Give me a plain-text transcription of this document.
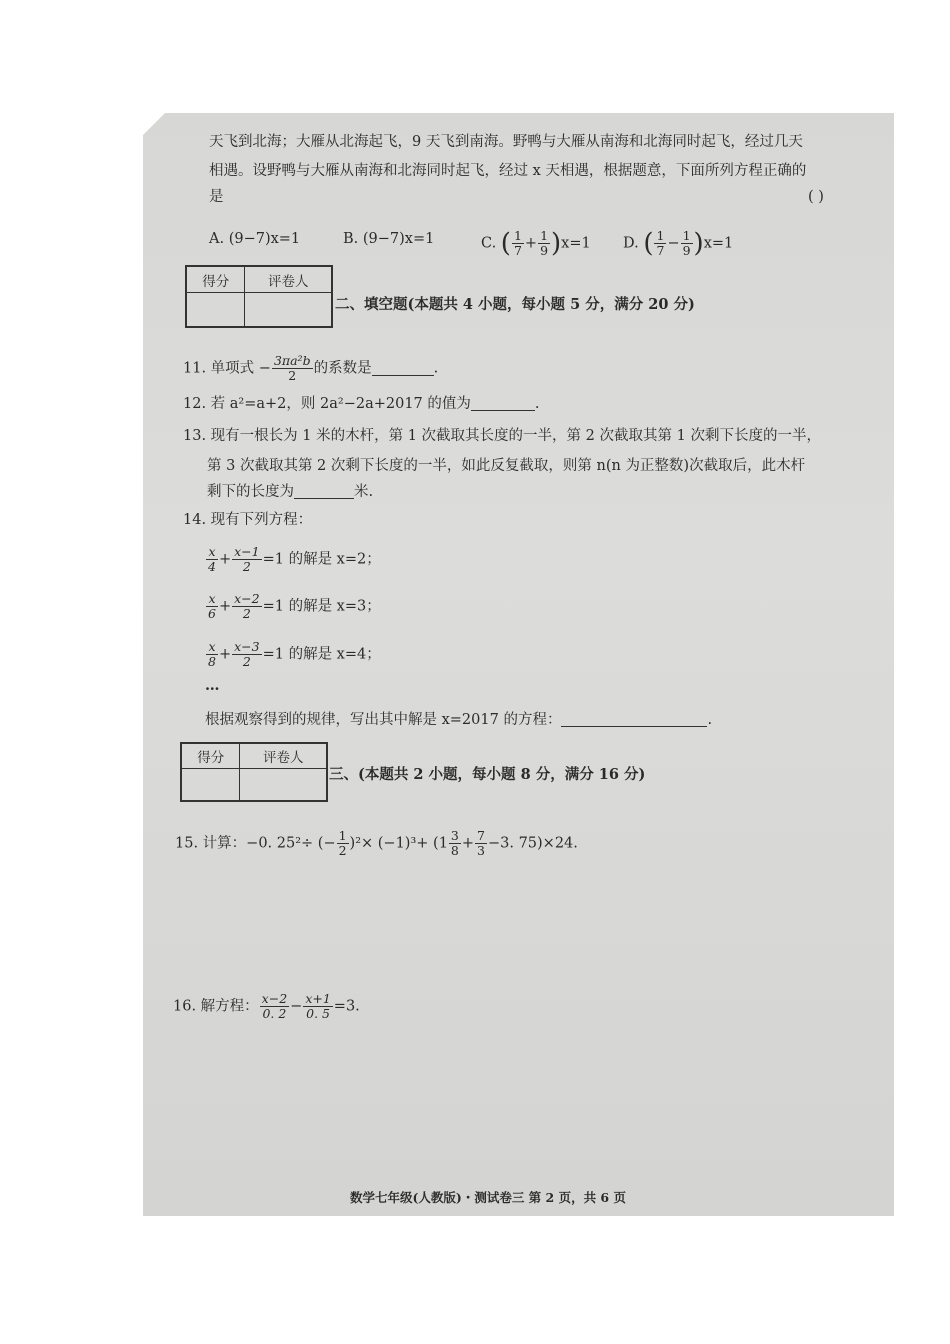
天飞到北海；大雁从北海起飞，9 天飞到南海。野鸭与大雁从南海和北海同时起飞，经过几天
相遇。设野鸭与大雁从南海和北海同时起飞，经过 x 天相遇，根据题意，下面所列方程正确的
是	( )
A. (9−7)x=1	B. (9−7)x=1	C. ( $\frac{1}{7} + \frac{1}{9} )x=1$ D. ( $\frac{1}{7} - \frac{1}{9} )x=1$
得分	评卷人

二、填空题(本题共 4 小题，每小题 5 分，满分 20 分)
11. 单项式 − $\frac{\text{3πa²b}}{2}$ 的系数是	.
12. 若 a²=a+2，则 2a²−2a+2017 的值为	.
13. 现有一根长为 1 米的木杆，第 1 次截取其长度的一半，第 2 次截取其第 1 次剩下长度的一半，
第 3 次截取其第 2 次剩下长度的一半，如此反复截取，则第 n(n 为正整数)次截取后，此木杆
剩下的长度为	米.
14. 现有下列方程：
$\frac{x}{4} + \frac{x-1}{2} =1$ 的解是 x=2；
$\frac{x}{6} + \frac{x-2}{2} =1$ 的解是 x=3；
$\frac{x}{8} + \frac{x-3}{2} =1$ 的解是 x=4；
…
根据观察得到的规律，写出其中解是 x=2017 的方程：	.
得分	评卷人

三、(本题共 2 小题，每小题 8 分，满分 16 分)
15. 计算：−0. 25²÷ (− $\frac{1}{2} )^2\times (-1)^3+ (1 \frac{3}{8} + \frac{7}{3} -3$. 75)×24.
16. 解方程： $\frac{x-2}{0. 2} - \frac{x+1}{0. 5} =3$.
数学七年级(人教版)・测试卷三 第 2 页，共 6 页
